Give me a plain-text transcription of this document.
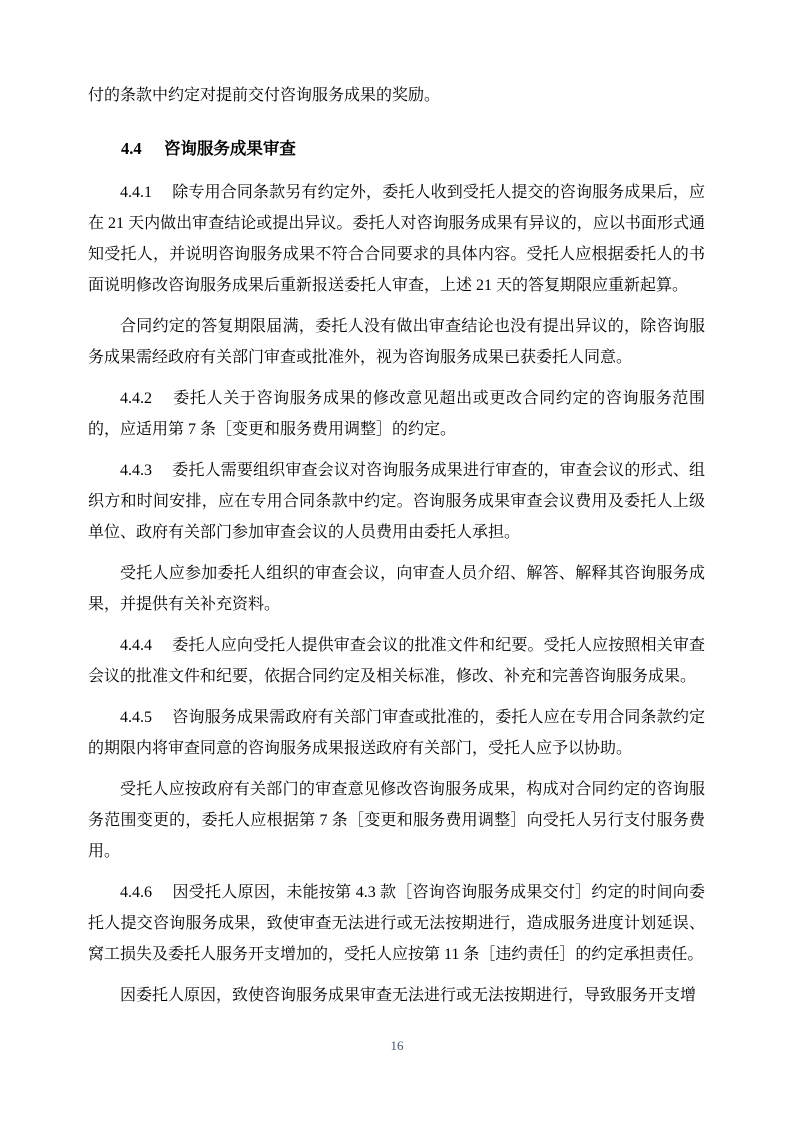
付的条款中约定对提前交付咨询服务成果的奖励。

4.4 咨询服务成果审查

4.4.1 　除专用合同条款另有约定外，委托人收到受托人提交的咨询服务成果后，应在 21 天内做出审查结论或提出异议。委托人对咨询服务成果有异议的，应以书面形式通知受托人，并说明咨询服务成果不符合合同要求的具体内容。受托人应根据委托人的书面说明修改咨询服务成果后重新报送委托人审查，上述 21 天的答复期限应重新起算。

合同约定的答复期限届满，委托人没有做出审查结论也没有提出异议的，除咨询服务成果需经政府有关部门审查或批准外，视为咨询服务成果已获委托人同意。

4.4.2 　委托人关于咨询服务成果的修改意见超出或更改合同约定的咨询服务范围的，应适用第 7 条［变更和服务费用调整］的约定。

4.4.3 　委托人需要组织审查会议对咨询服务成果进行审查的，审查会议的形式、组织方和时间安排，应在专用合同条款中约定。咨询服务成果审查会议费用及委托人上级单位、政府有关部门参加审查会议的人员费用由委托人承担。

受托人应参加委托人组织的审查会议，向审查人员介绍、解答、解释其咨询服务成果，并提供有关补充资料。

4.4.4 　委托人应向受托人提供审查会议的批准文件和纪要。受托人应按照相关审查会议的批准文件和纪要，依据合同约定及相关标准，修改、补充和完善咨询服务成果。

4.4.5 　咨询服务成果需政府有关部门审查或批准的，委托人应在专用合同条款约定的期限内将审查同意的咨询服务成果报送政府有关部门，受托人应予以协助。

受托人应按政府有关部门的审查意见修改咨询服务成果，构成对合同约定的咨询服务范围变更的，委托人应根据第 7 条［变更和服务费用调整］向受托人另行支付服务费用。

4.4.6 　因受托人原因，未能按第 4.3 款［咨询咨询服务成果交付］约定的时间向委托人提交咨询服务成果，致使审查无法进行或无法按期进行，造成服务进度计划延误、窝工损失及委托人服务开支增加的，受托人应按第 11 条［违约责任］的约定承担责任。

因委托人原因，致使咨询服务成果审查无法进行或无法按期进行，导致服务开支增

16
